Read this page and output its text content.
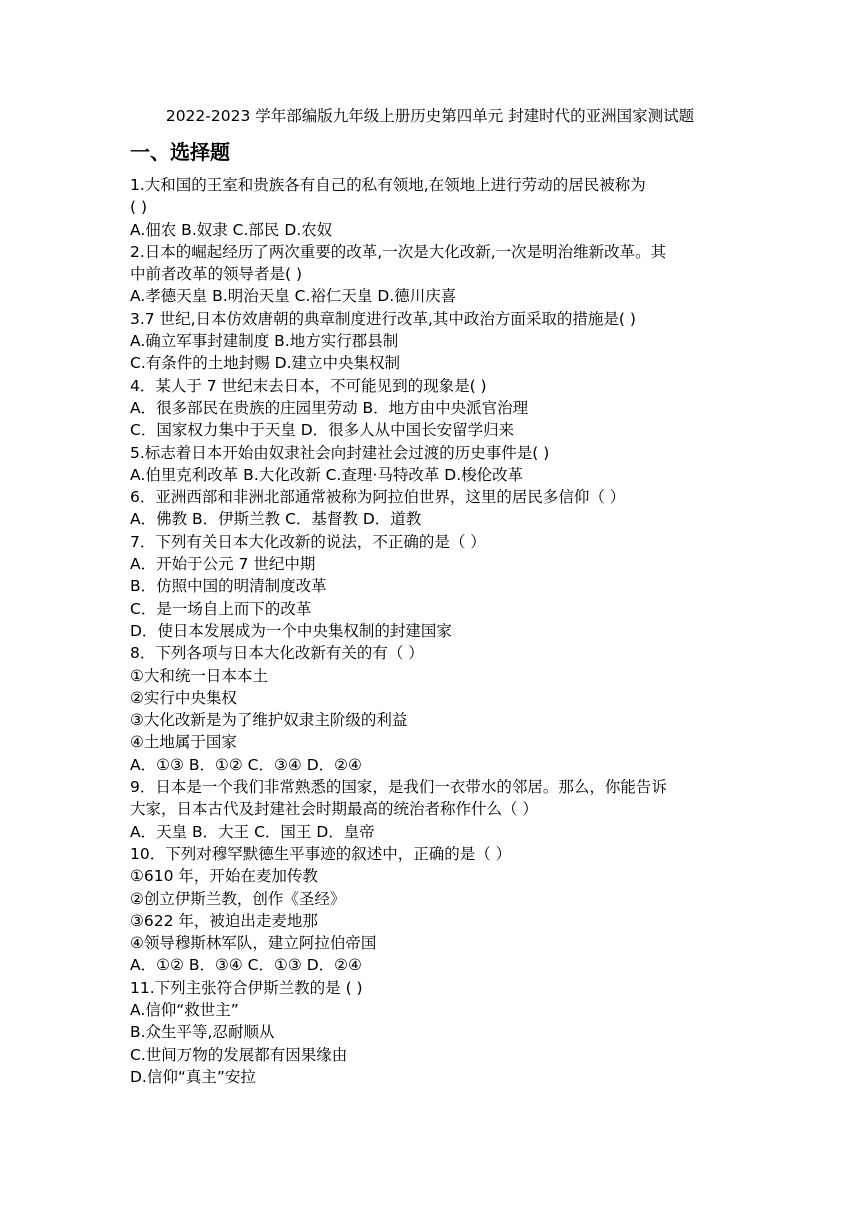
2022-2023 学年部编版九年级上册历史第四单元 封建时代的亚洲国家测试题
一、选择题
1.大和国的王室和贵族各有自己的私有领地,在领地上进行劳动的居民被称为
( )
A.佃农 B.奴隶 C.部民 D.农奴
2.日本的崛起经历了两次重要的改革,一次是大化改新,一次是明治维新改革。其
中前者改革的领导者是( )
A.孝德天皇 B.明治天皇 C.裕仁天皇 D.德川庆喜
3.7 世纪,日本仿效唐朝的典章制度进行改革,其中政治方面采取的措施是( )
A.确立军事封建制度 B.地方实行郡县制
C.有条件的土地封赐 D.建立中央集权制
4．某人于 7 世纪末去日本，不可能见到的现象是( )
A．很多部民在贵族的庄园里劳动 B．地方由中央派官治理
C．国家权力集中于天皇 D．很多人从中国长安留学归来
5.标志着日本开始由奴隶社会向封建社会过渡的历史事件是( )
A.伯里克利改革 B.大化改新 C.查理·马特改革 D.梭伦改革
6．亚洲西部和非洲北部通常被称为阿拉伯世界，这里的居民多信仰（ ）
A．佛教 B．伊斯兰教 C．基督教 D．道教
7．下列有关日本大化改新的说法，不正确的是（ ）
A．开始于公元 7 世纪中期
B．仿照中国的明清制度改革
C．是一场自上而下的改革
D．使日本发展成为一个中央集权制的封建国家
8．下列各项与日本大化改新有关的有（ ）
①大和统一日本本土
②实行中央集权
③大化改新是为了维护奴隶主阶级的利益
④土地属于国家
A．①③ B．①② C．③④ D．②④
9．日本是一个我们非常熟悉的国家，是我们一衣带水的邻居。那么，你能告诉
大家，日本古代及封建社会时期最高的统治者称作什么（ ）
A．天皇 B．大王 C．国王 D．皇帝
10．下列对穆罕默德生平事迹的叙述中，正确的是（ ）
①610 年，开始在麦加传教
②创立伊斯兰教，创作《圣经》
③622 年，被迫出走麦地那
④领导穆斯林军队，建立阿拉伯帝国
A．①② B．③④ C．①③ D．②④
11.下列主张符合伊斯兰教的是 ( )
A.信仰“救世主”
B.众生平等,忍耐顺从
C.世间万物的发展都有因果缘由
D.信仰“真主”安拉
